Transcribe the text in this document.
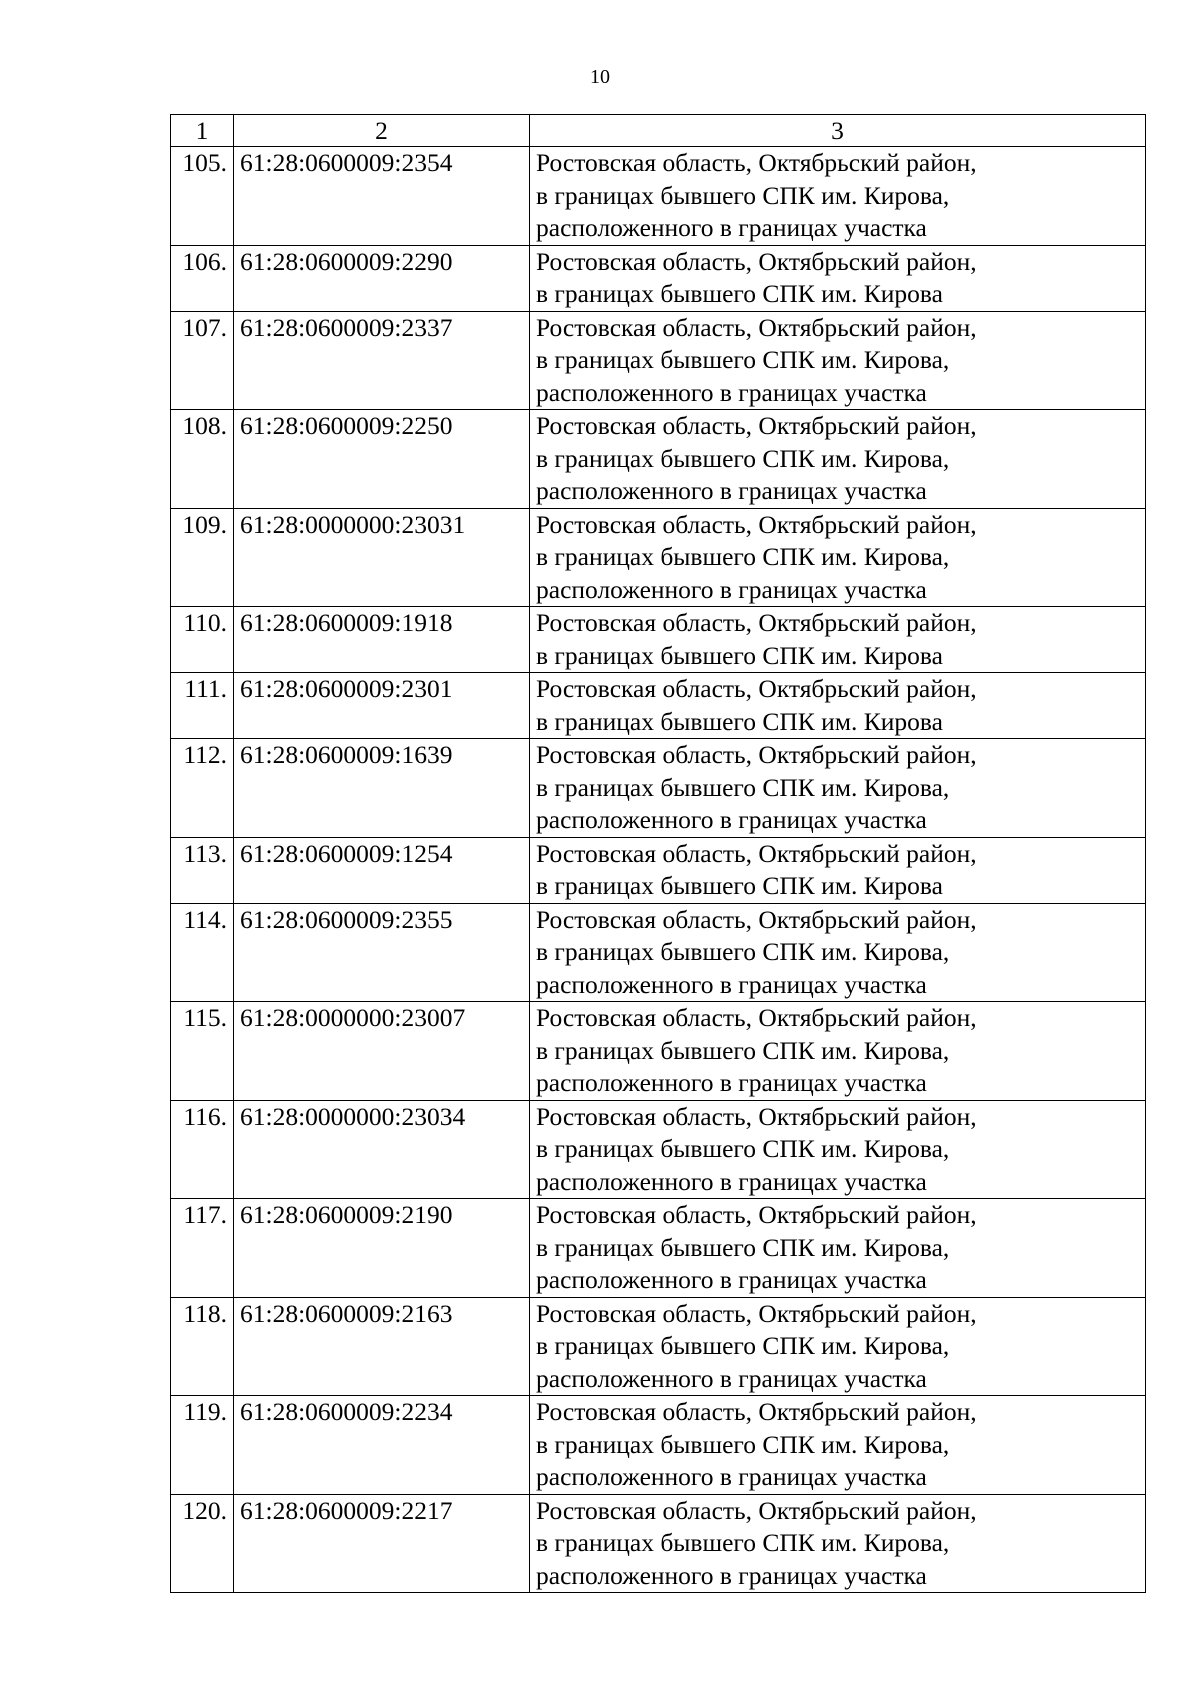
10
1	2	3
105.	61:28:0600009:2354	Ростовская область, Октябрьский район,
в границах бывшего СПК им. Кирова,
расположенного в границах участка

106.	61:28:0600009:2290	Ростовская область, Октябрьский район,
в границах бывшего СПК им. Кирова

107.	61:28:0600009:2337	Ростовская область, Октябрьский район,
в границах бывшего СПК им. Кирова,
расположенного в границах участка

108.	61:28:0600009:2250	Ростовская область, Октябрьский район,
в границах бывшего СПК им. Кирова,
расположенного в границах участка

109.	61:28:0000000:23031	Ростовская область, Октябрьский район,
в границах бывшего СПК им. Кирова,
расположенного в границах участка

110.	61:28:0600009:1918	Ростовская область, Октябрьский район,
в границах бывшего СПК им. Кирова

111.	61:28:0600009:2301	Ростовская область, Октябрьский район,
в границах бывшего СПК им. Кирова

112.	61:28:0600009:1639	Ростовская область, Октябрьский район,
в границах бывшего СПК им. Кирова,
расположенного в границах участка

113.	61:28:0600009:1254	Ростовская область, Октябрьский район,
в границах бывшего СПК им. Кирова

114.	61:28:0600009:2355	Ростовская область, Октябрьский район,
в границах бывшего СПК им. Кирова,
расположенного в границах участка

115.	61:28:0000000:23007	Ростовская область, Октябрьский район,
в границах бывшего СПК им. Кирова,
расположенного в границах участка

116.	61:28:0000000:23034	Ростовская область, Октябрьский район,
в границах бывшего СПК им. Кирова,
расположенного в границах участка

117.	61:28:0600009:2190	Ростовская область, Октябрьский район,
в границах бывшего СПК им. Кирова,
расположенного в границах участка

118.	61:28:0600009:2163	Ростовская область, Октябрьский район,
в границах бывшего СПК им. Кирова,
расположенного в границах участка

119.	61:28:0600009:2234	Ростовская область, Октябрьский район,
в границах бывшего СПК им. Кирова,
расположенного в границах участка

120.	61:28:0600009:2217	Ростовская область, Октябрьский район,
в границах бывшего СПК им. Кирова,
расположенного в границах участка
